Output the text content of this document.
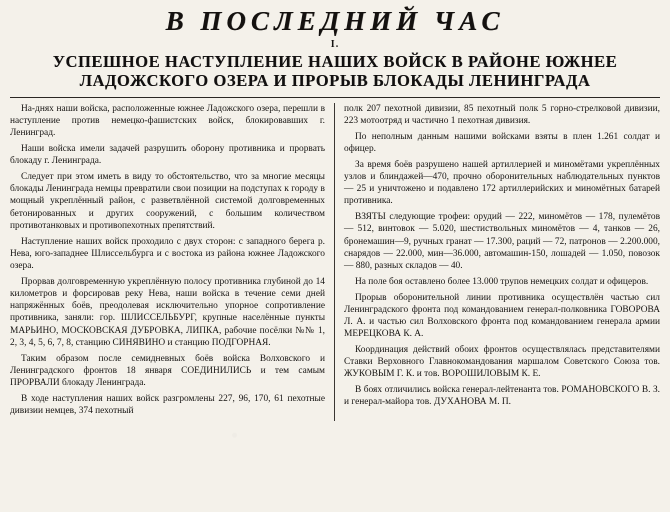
В ПОСЛЕДНИЙ ЧАС
I.
УСПЕШНОЕ НАСТУПЛЕНИЕ НАШИХ ВОЙСК В РАЙОНЕ ЮЖНЕЕ
ЛАДОЖСКОГО ОЗЕРА И ПРОРЫВ БЛОКАДЫ ЛЕНИНГРАДА

На-днях наши войска, расположенные южнее Ладожского озера, перешли в наступление против немецко-фашистских войск, блокировавших г. Ленинград.

Наши войска имели задачей разрушить оборону противника и прорвать блокаду г. Ленинграда.

Следует при этом иметь в виду то обстоятельство, что за многие месяцы блокады Ленинграда немцы превратили свои позиции на подступах к городу в мощный укреплённый район, с разветвлённой системой долговременных бетонированных и других сооружений, с большим количеством противотанковых и противопехотных препятствий.

Наступление наших войск проходило с двух сторон: с западного берега р. Нева, юго-западнее Шлиссельбурга и с востока из района южнее Ладожского озера.

Прорвав долговременную укреплённую полосу противника глубиной до 14 километров и форсировав реку Нева, наши войска в течение семи дней напряжённых боёв, преодолевая исключительно упорное сопротивление противника, заняли: гор. ШЛИССЕЛЬБУРГ, крупные населённые пункты МАРЬИНО, МОСКОВСКАЯ ДУБРОВКА, ЛИПКА, рабочие посёлки №№ 1, 2, 3, 4, 5, 6, 7, 8, станцию СИНЯВИНО и станцию ПОДГОРНАЯ.

Таким образом после семидневных боёв войска Волховского и Ленинградского фронтов 18 января СОЕДИНИЛИСЬ и тем самым ПРОРВАЛИ блокаду Ленинграда.

В ходе наступления наших войск разгромлены 227, 96, 170, 61 пехотные дивизии немцев, 374 пехотный

полк 207 пехотной дивизии, 85 пехотный полк 5 горно-стрелковой дивизии, 223 мотоотряд и частично 1 пехотная дивизия.

По неполным данным нашими войсками взяты в плен 1.261 солдат и офицер.

За время боёв разрушено нашей артиллерией и миномётами укреплённых узлов и блиндажей—470, прочно оборонительных наблюдательных пунктов — 25 и уничтожено и подавлено 172 артиллерийских и миномётных батарей противника.

ВЗЯТЫ следующие трофеи: орудий — 222, миномётов — 178, пулемётов — 512, винтовок — 5.020, шестиствольных миномётов — 4, танков — 26, бронемашин—9, ручных гранат — 17.300, раций — 72, патронов — 2.200.000, снарядов — 22.000, мин—36.000, автомашин-150, лошадей — 1.050, повозок — 880, разных складов — 40.

На поле боя оставлено более 13.000 трупов немецких солдат и офицеров.

Прорыв оборонительной линии противника осуществлён частью сил Ленинградского фронта под командованием генерал-полковника ГОВОРОВА Л. А. и частью сил Волховского фронта под командованием генерала армии МЕРЕЦКОВА К. А.

Координация действий обоих фронтов осуществлялась представителями Ставки Верховного Главнокомандования маршалом Советского Союза тов. ЖУКОВЫМ Г. К. и тов. ВОРОШИЛОВЫМ К. Е.

В боях отличились войска генерал-лейтенанта тов. РОМАНОВСКОГО В. З. и генерал-майора тов. ДУХАНОВА М. П.
